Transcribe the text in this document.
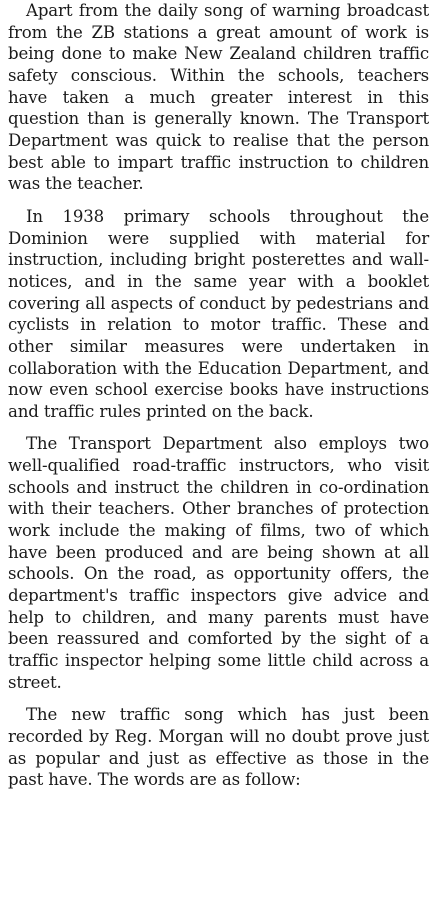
Apart from the daily song of warning broadcast from the ZB stations a great amount of work is being done to make New Zealand children traffic safety conscious. Within the schools, teachers have taken a much greater interest in this question than is generally known. The Transport Department was quick to realise that the person best able to impart traffic instruction to children was the teacher.

In 1938 primary schools throughout the Dominion were supplied with material for instruction, including bright posterettes and wall-notices, and in the same year with a booklet covering all aspects of conduct by pedestrians and cyclists in relation to motor traffic. These and other similar measures were undertaken in collaboration with the Education Department, and now even school exercise books have instructions and traffic rules printed on the back.

The Transport Department also employs two well-qualified road-traffic instructors, who visit schools and instruct the children in co-ordination with their teachers. Other branches of protection work include the making of films, two of which have been produced and are being shown at all schools. On the road, as opportunity offers, the department's traffic inspectors give advice and help to children, and many parents must have been reassured and comforted by the sight of a traffic inspector helping some little child across a street.

The new traffic song which has just been recorded by Reg. Morgan will no doubt prove just as popular and just as effective as those in the past have. The words are as follow:
